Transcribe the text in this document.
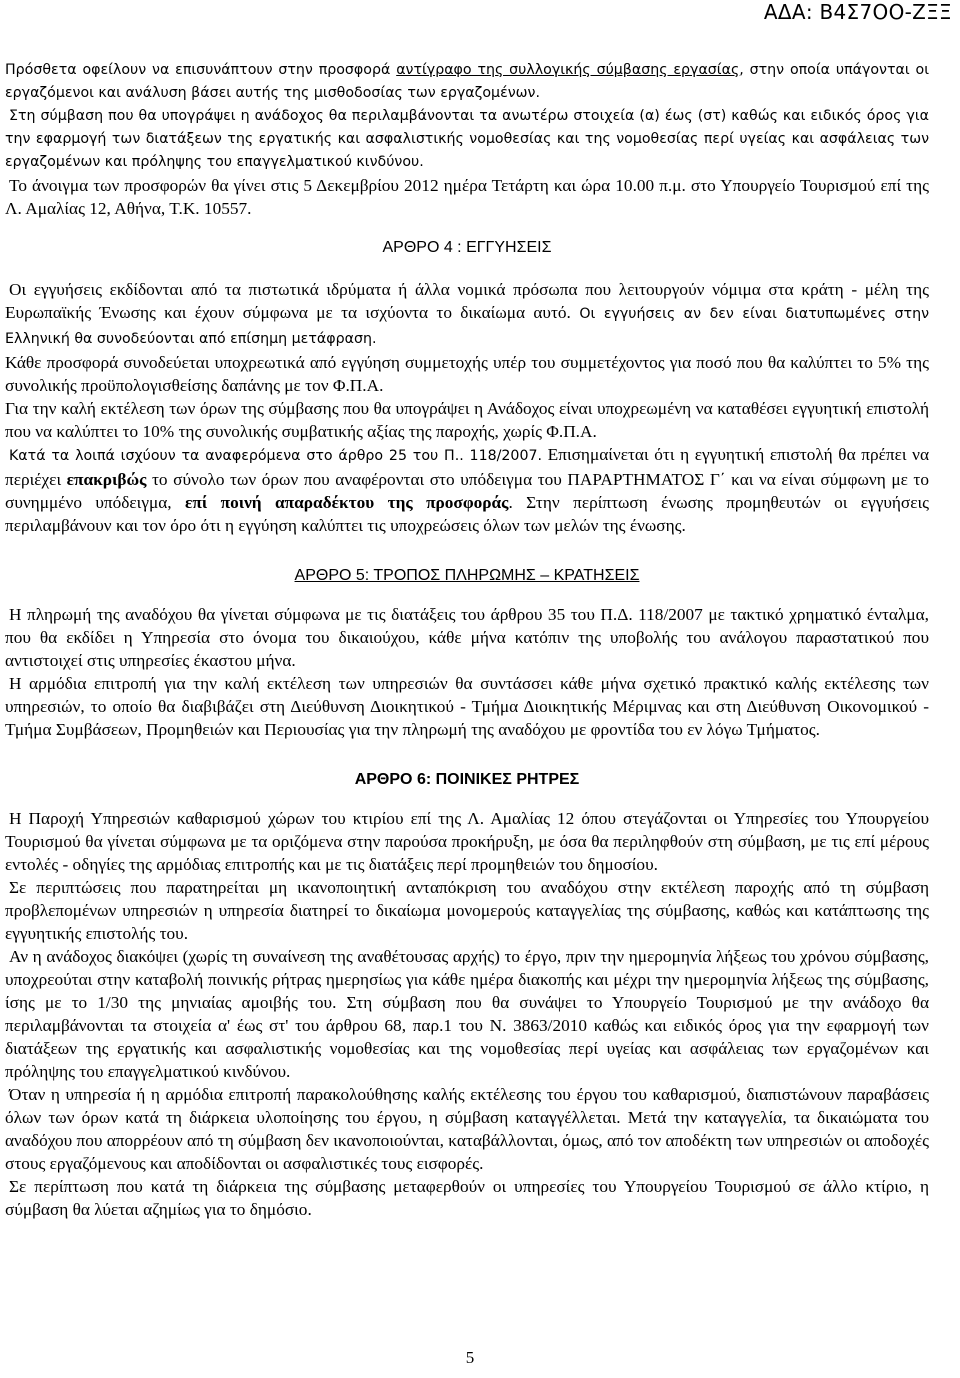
ΑΔΑ: Β4Σ7ΟΟ-ΖΞΞ

Πρόσθετα οφείλουν να επισυνάπτουν στην προσφορά αντίγραφο της συλλογικής σύμβασης εργασίας, στην οποία υπάγονται οι εργαζόμενοι και ανάλυση βάσει αυτής της μισθοδοσίας των εργαζομένων.

Στη σύμβαση που θα υπογράψει η ανάδοχος θα περιλαμβάνονται τα ανωτέρω στοιχεία (α) έως (στ) καθώς και ειδικός όρος για την εφαρμογή των διατάξεων της εργατικής και ασφαλιστικής νομοθεσίας και της νομοθεσίας περί υγείας και ασφάλειας των εργαζομένων και πρόληψης του επαγγελματικού κινδύνου.

Το άνοιγμα των προσφορών θα γίνει στις 5 Δεκεμβρίου 2012 ημέρα Τετάρτη και ώρα 10.00 π.μ. στο Υπουργείο Τουρισμού επί της Λ. Αμαλίας 12, Αθήνα, Τ.Κ. 10557.

ΑΡΘΡΟ 4 : ΕΓΓΥΗΣΕΙΣ

Οι εγγυήσεις εκδίδονται από τα πιστωτικά ιδρύματα ή άλλα νομικά πρόσωπα που λειτουργούν νόμιμα στα κράτη - μέλη της Ευρωπαϊκής Ένωσης και έχουν σύμφωνα με τα ισχύοντα το δικαίωμα αυτό. Οι εγγυήσεις αν δεν είναι διατυπωμένες στην Ελληνική θα συνοδεύονται από επίσημη μετάφραση.

Κάθε προσφορά συνοδεύεται υποχρεωτικά από εγγύηση συμμετοχής υπέρ του συμμετέχοντος για ποσό που θα καλύπτει το 5% της συνολικής προϋπολογισθείσης δαπάνης με τον Φ.Π.Α.

Για την καλή εκτέλεση των όρων της σύμβασης που θα υπογράψει η Ανάδοχος είναι υποχρεωμένη να καταθέσει εγγυητική επιστολή που να καλύπτει το 10% της συνολικής συμβατικής αξίας της παροχής, χωρίς Φ.Π.Α.

Κατά τα λοιπά ισχύουν τα αναφερόμενα στο άρθρο 25 του Π.. 118/2007. Επισημαίνεται ότι η εγγυητική επιστολή θα πρέπει να περιέχει επακριβώς το σύνολο των όρων που αναφέρονται στο υπόδειγμα του ΠΑΡΑΡΤΗΜΑΤΟΣ Γ΄ και να είναι σύμφωνη με το συνημμένο υπόδειγμα, επί ποινή απαραδέκτου της προσφοράς. Στην περίπτωση ένωσης προμηθευτών οι εγγυήσεις περιλαμβάνουν και τον όρο ότι η εγγύηση καλύπτει τις υποχρεώσεις όλων των μελών της ένωσης.

ΑΡΘΡΟ 5: ΤΡΟΠΟΣ ΠΛΗΡΩΜΗΣ – ΚΡΑΤΗΣΕΙΣ

Η πληρωμή της αναδόχου θα γίνεται σύμφωνα με τις διατάξεις του άρθρου 35 του Π.Δ. 118/2007 με τακτικό χρηματικό ένταλμα, που θα εκδίδει η Υπηρεσία στο όνομα του δικαιούχου, κάθε μήνα κατόπιν της υποβολής του ανάλογου παραστατικού που αντιστοιχεί στις υπηρεσίες έκαστου μήνα.

Η αρμόδια επιτροπή για την καλή εκτέλεση των υπηρεσιών θα συντάσσει κάθε μήνα σχετικό πρακτικό καλής εκτέλεσης των υπηρεσιών, το οποίο θα διαβιβάζει στη Διεύθυνση Διοικητικού - Τμήμα Διοικητικής Μέριμνας και στη Διεύθυνση Οικονομικού - Τμήμα Συμβάσεων, Προμηθειών και Περιουσίας για την πληρωμή της αναδόχου με φροντίδα του εν λόγω Τμήματος.

ΑΡΘΡΟ 6: ΠΟΙΝΙΚΕΣ ΡΗΤΡΕΣ

Η Παροχή Υπηρεσιών καθαρισμού χώρων του κτιρίου επί της Λ. Αμαλίας 12 όπου στεγάζονται οι Υπηρεσίες του Υπουργείου Τουρισμού θα γίνεται σύμφωνα με τα οριζόμενα στην παρούσα προκήρυξη, με όσα θα περιληφθούν στη σύμβαση, με τις επί μέρους εντολές - οδηγίες της αρμόδιας επιτροπής και με τις διατάξεις περί προμηθειών του δημοσίου.

Σε περιπτώσεις που παρατηρείται μη ικανοποιητική ανταπόκριση του αναδόχου στην εκτέλεση παροχής από τη σύμβαση προβλεπομένων υπηρεσιών η υπηρεσία διατηρεί το δικαίωμα μονομερούς καταγγελίας της σύμβασης, καθώς και κατάπτωσης της εγγυητικής επιστολής του.

Αν η ανάδοχος διακόψει (χωρίς τη συναίνεση της αναθέτουσας αρχής) το έργο, πριν την ημερομηνία λήξεως του χρόνου σύμβασης, υποχρεούται στην καταβολή ποινικής ρήτρας ημερησίως για κάθε ημέρα διακοπής και μέχρι την ημερομηνία λήξεως της σύμβασης, ίσης με το 1/30 της μηνιαίας αμοιβής του. Στη σύμβαση που θα συνάψει το Υπουργείο Τουρισμού με την ανάδοχο θα περιλαμβάνονται τα στοιχεία α' έως στ' του άρθρου 68, παρ.1 του Ν. 3863/2010 καθώς και ειδικός όρος για την εφαρμογή των διατάξεων της εργατικής και ασφαλιστικής νομοθεσίας και της νομοθεσίας περί υγείας και ασφάλειας των εργαζομένων και πρόληψης του επαγγελματικού κινδύνου.

Όταν η υπηρεσία ή η αρμόδια επιτροπή παρακολούθησης καλής εκτέλεσης του έργου του καθαρισμού, διαπιστώνουν παραβάσεις όλων των όρων κατά τη διάρκεια υλοποίησης του έργου, η σύμβαση καταγγέλλεται. Μετά την καταγγελία, τα δικαιώματα του αναδόχου που απορρέουν από τη σύμβαση δεν ικανοποιούνται, καταβάλλονται, όμως, από τον αποδέκτη των υπηρεσιών οι αποδοχές στους εργαζόμενους και αποδίδονται οι ασφαλιστικές τους εισφορές.

Σε περίπτωση που κατά τη διάρκεια της σύμβασης μεταφερθούν οι υπηρεσίες του Υπουργείου Τουρισμού σε άλλο κτίριο, η σύμβαση θα λύεται αζημίως για το δημόσιο.

5
